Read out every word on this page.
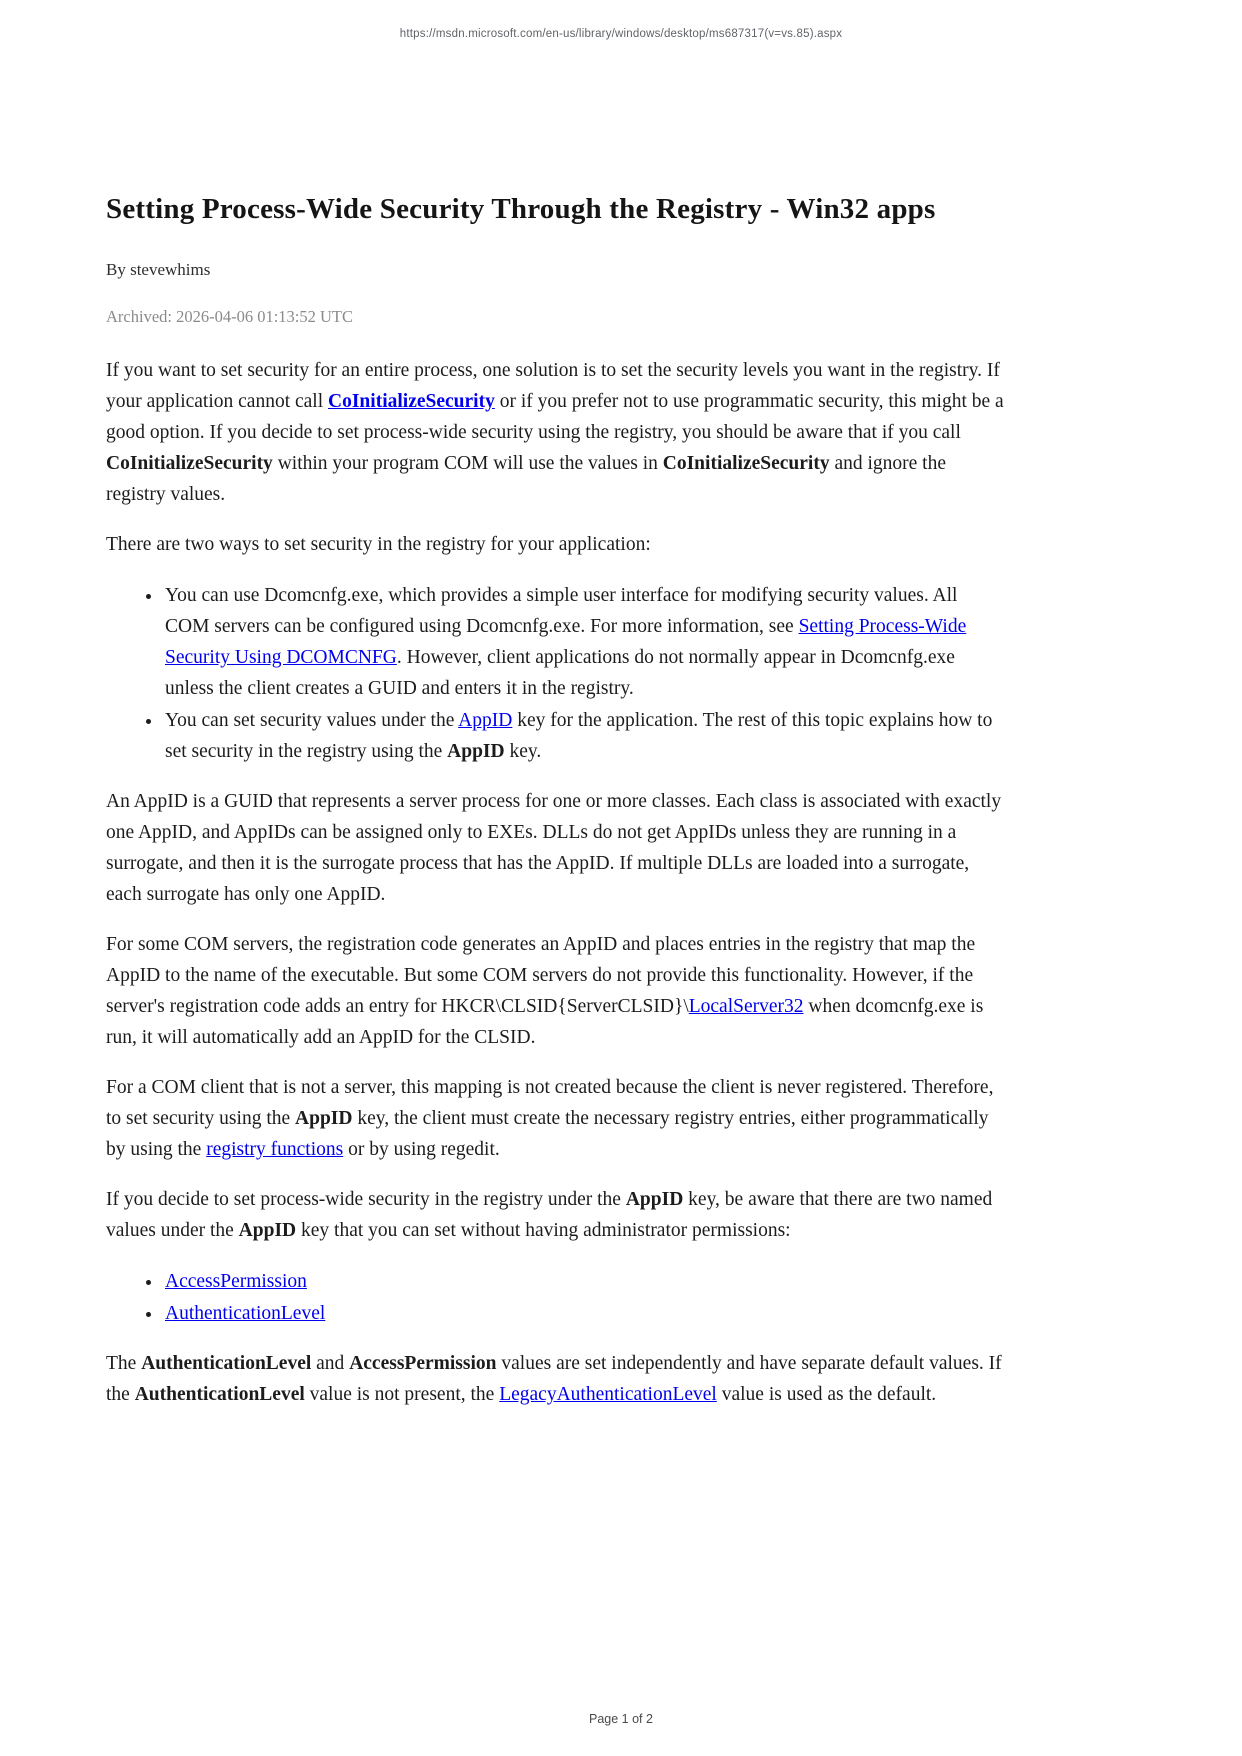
https://msdn.microsoft.com/en-us/library/windows/desktop/ms687317(v=vs.85).aspx
Setting Process-Wide Security Through the Registry - Win32 apps
By stevewhims
Archived: 2026-04-06 01:13:52 UTC

If you want to set security for an entire process, one solution is to set the security levels you want in the registry. If your application cannot call CoInitializeSecurity or if you prefer not to use programmatic security, this might be a good option. If you decide to set process-wide security using the registry, you should be aware that if you call CoInitializeSecurity within your program COM will use the values in CoInitializeSecurity and ignore the registry values.

There are two ways to set security in the registry for your application:

• You can use Dcomcnfg.exe, which provides a simple user interface for modifying security values. All COM servers can be configured using Dcomcnfg.exe. For more information, see Setting Process-Wide Security Using DCOMCNFG. However, client applications do not normally appear in Dcomcnfg.exe unless the client creates a GUID and enters it in the registry.
• You can set security values under the AppID key for the application. The rest of this topic explains how to set security in the registry using the AppID key.

An AppID is a GUID that represents a server process for one or more classes. Each class is associated with exactly one AppID, and AppIDs can be assigned only to EXEs. DLLs do not get AppIDs unless they are running in a surrogate, and then it is the surrogate process that has the AppID. If multiple DLLs are loaded into a surrogate, each surrogate has only one AppID.

For some COM servers, the registration code generates an AppID and places entries in the registry that map the AppID to the name of the executable. But some COM servers do not provide this functionality. However, if the server's registration code adds an entry for HKCR\CLSID{ServerCLSID}\LocalServer32 when dcomcnfg.exe is run, it will automatically add an AppID for the CLSID.

For a COM client that is not a server, this mapping is not created because the client is never registered. Therefore, to set security using the AppID key, the client must create the necessary registry entries, either programmatically by using the registry functions or by using regedit.

If you decide to set process-wide security in the registry under the AppID key, be aware that there are two named values under the AppID key that you can set without having administrator permissions:

• AccessPermission
• AuthenticationLevel

The AuthenticationLevel and AccessPermission values are set independently and have separate default values. If the AuthenticationLevel value is not present, the LegacyAuthenticationLevel value is used as the default.

Page 1 of 2
